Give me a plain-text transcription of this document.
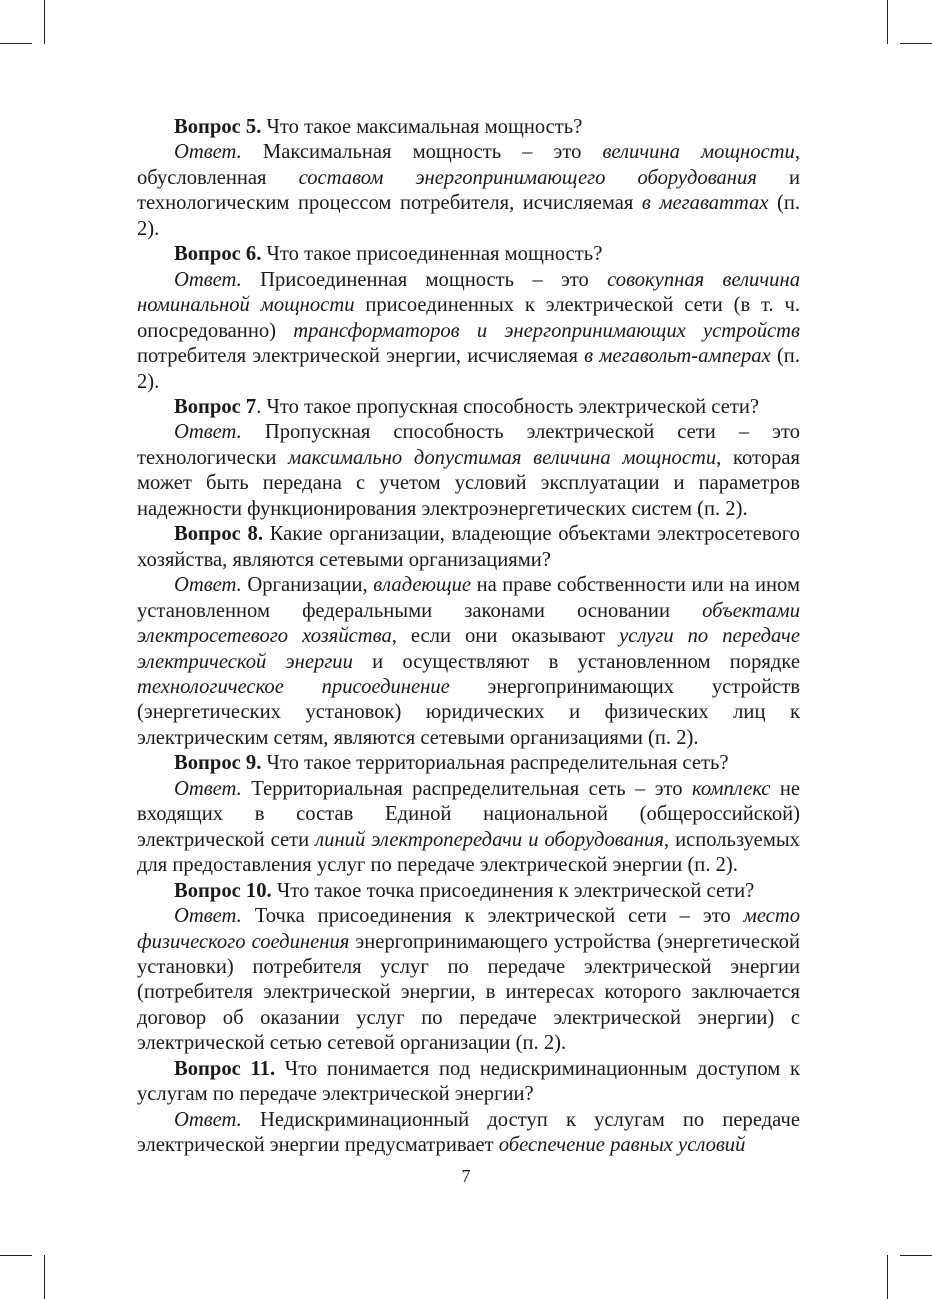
Вопрос 5. Что такое максимальная мощность?

Ответ. Максимальная мощность – это величина мощности, обусловленная составом энергопринимающего оборудования и технологическим процессом потребителя, исчисляемая в мегаваттах (п. 2).

Вопрос 6. Что такое присоединенная мощность?

Ответ. Присоединенная мощность – это совокупная величина номинальной мощности присоединенных к электрической сети (в т. ч. опосредованно) трансформаторов и энергопринимающих устройств потребителя электрической энергии, исчисляемая в мегавольт-амперах (п. 2).

Вопрос 7. Что такое пропускная способность электрической сети?

Ответ. Пропускная способность электрической сети – это технологически максимально допустимая величина мощности, которая может быть передана с учетом условий эксплуатации и параметров надежности функционирования электроэнергетических систем (п. 2).

Вопрос 8. Какие организации, владеющие объектами электросетевого хозяйства, являются сетевыми организациями?

Ответ. Организации, владеющие на праве собственности или на ином установленном федеральными законами основании объектами электросетевого хозяйства, если они оказывают услуги по передаче электрической энергии и осуществляют в установленном порядке технологическое присоединение энергопринимающих устройств (энергетических установок) юридических и физических лиц к электрическим сетям, являются сетевыми организациями (п. 2).

Вопрос 9. Что такое территориальная распределительная сеть?

Ответ. Территориальная распределительная сеть – это комплекс не входящих в состав Единой национальной (общероссийской) электрической сети линий электропередачи и оборудования, используемых для предоставления услуг по передаче электрической энергии (п. 2).

Вопрос 10. Что такое точка присоединения к электрической сети?

Ответ. Точка присоединения к электрической сети – это место физического соединения энергопринимающего устройства (энергетической установки) потребителя услуг по передаче электрической энергии (потребителя электрической энергии, в интересах которого заключается договор об оказании услуг по передаче электрической энергии) с электрической сетью сетевой организации (п. 2).

Вопрос 11. Что понимается под недискриминационным доступом к услугам по передаче электрической энергии?

Ответ. Недискриминационный доступ к услугам по передаче электрической энергии предусматривает обеспечение равных условий

7
